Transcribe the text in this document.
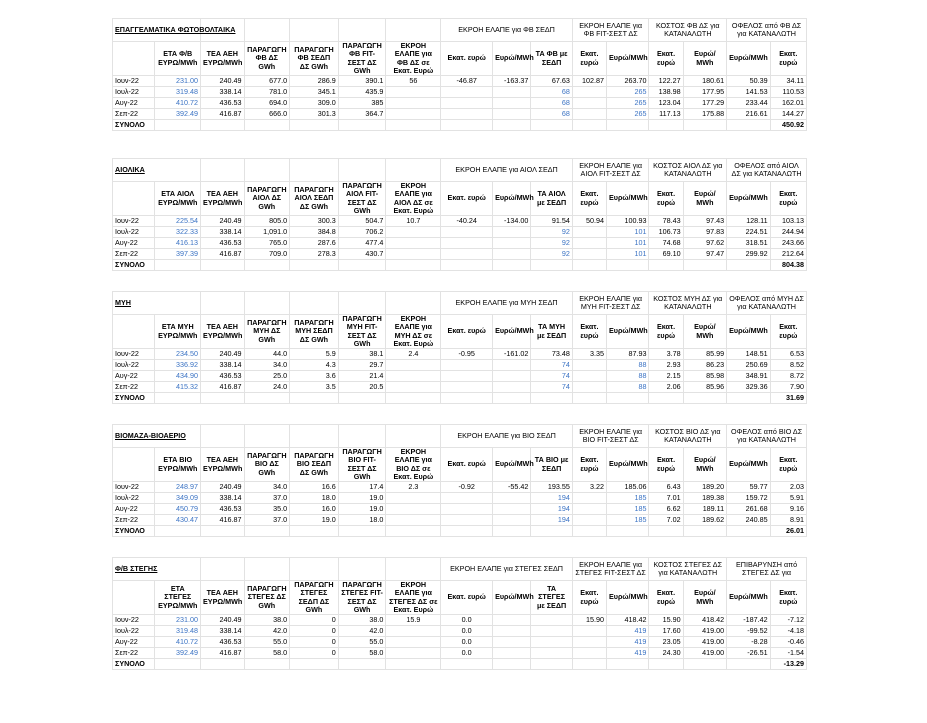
ΕΠΑΓΓΕΛΜΑΤΙΚΑ ΦΩΤΟΒΟΛΤΑΙΚΑ							ΕΚΡΟΗ ΕΛΑΠΕ για ΦΒ ΣΕΔΠ			ΕΚΡΟΗ ΕΛΑΠΕ για ΦΒ FIT-ΣΕΣΤ ΔΣ		ΚΟΣΤΟΣ ΦΒ ΔΣ για ΚΑΤΑΝΑΛΩΤΗ		ΟΦΕΛΟΣ από ΦΒ ΔΣ για ΚΑΤΑΝΑΛΩΤΗ	
	ΕΤΑ Φ/Β ΕΥΡΩ/MWh	ΤΕΑ ΑΕΗ ΕΥΡΩ/MWh	ΠΑΡΑΓΩΓΗ ΦΒ ΔΣ GWh	ΠΑΡΑΓΩΓΗ ΦΒ ΣΕΔΠ ΔΣ GWh	ΠΑΡΑΓΩΓΗ ΦΒ FIT-ΣΕΣΤ ΔΣ GWh	ΕΚΡΟΗ ΕΛΑΠΕ για ΦΒ ΔΣ σε Εκατ. Ευρώ	Εκατ. ευρώ	Ευρώ/MWh	ΤΑ ΦΒ με ΣΕΔΠ	Εκατ. ευρώ	Ευρώ/MWh	Εκατ. ευρώ	Ευρώ/ MWh	Ευρώ/MWh	Εκατ. ευρώ
Ιουν-22	231.00	240.49	677.0	286.9	390.1	56	-46.87	-163.37	67.63	102.87	263.70	122.27	180.61	50.39	34.11
Ιουλ-22	319.48	338.14	781.0	345.1	435.9				68		265	138.98	177.95	141.53	110.53
Αυγ-22	410.72	436.53	694.0	309.0	385				68		265	123.04	177.29	233.44	162.01
Σεπ-22	392.49	416.87	666.0	301.3	364.7				68		265	117.13	175.88	216.61	144.27
ΣΥΝΟΛΟ															450.92
ΑΙΟΛΙΚΑ							ΕΚΡΟΗ ΕΛΑΠΕ για ΑΙΟΛ ΣΕΔΠ			ΕΚΡΟΗ ΕΛΑΠΕ για ΑΙΟΛ FIT-ΣΕΣΤ ΔΣ		ΚΟΣΤΟΣ ΑΙΟΛ ΔΣ για ΚΑΤΑΝΑΛΩΤΗ		ΟΦΕΛΟΣ από ΑΙΟΛ ΔΣ για ΚΑΤΑΝΑΛΩΤΗ	
	ΕΤΑ ΑΙΟΛ ΕΥΡΩ/MWh	ΤΕΑ ΑΕΗ ΕΥΡΩ/MWh	ΠΑΡΑΓΩΓΗ ΑΙΟΛ ΔΣ GWh	ΠΑΡΑΓΩΓΗ ΑΙΟΛ ΣΕΔΠ ΔΣ GWh	ΠΑΡΑΓΩΓΗ ΑΙΟΛ FIT-ΣΕΣΤ ΔΣ GWh	ΕΚΡΟΗ ΕΛΑΠΕ για ΑΙΟΛ ΔΣ σε Εκατ. Ευρώ	Εκατ. ευρώ	Ευρώ/MWh	ΤΑ ΑΙΟΛ με ΣΕΔΠ	Εκατ. ευρώ	Ευρώ/MWh	Εκατ. ευρώ	Ευρώ/ MWh	Ευρώ/MWh	Εκατ. ευρώ
Ιουν-22	225.54	240.49	805.0	300.3	504.7	10.7	-40.24	-134.00	91.54	50.94	100.93	78.43	97.43	128.11	103.13
Ιουλ-22	322.33	338.14	1,091.0	384.8	706.2				92		101	106.73	97.83	224.51	244.94
Αυγ-22	416.13	436.53	765.0	287.6	477.4				92		101	74.68	97.62	318.51	243.66
Σεπ-22	397.39	416.87	709.0	278.3	430.7				92		101	69.10	97.47	299.92	212.64
ΣΥΝΟΛΟ															804.38
ΜΥΗ							ΕΚΡΟΗ ΕΛΑΠΕ για ΜΥΗ ΣΕΔΠ			ΕΚΡΟΗ ΕΛΑΠΕ για ΜΥΗ FIT-ΣΕΣΤ ΔΣ		ΚΟΣΤΟΣ ΜΥΗ ΔΣ για ΚΑΤΑΝΑΛΩΤΗ		ΟΦΕΛΟΣ από ΜΥΗ ΔΣ για ΚΑΤΑΝΑΛΩΤΗ	
	ΕΤΑ ΜΥΗ ΕΥΡΩ/MWh	ΤΕΑ ΑΕΗ ΕΥΡΩ/MWh	ΠΑΡΑΓΩΓΗ ΜΥΗ ΔΣ GWh	ΠΑΡΑΓΩΓΗ ΜΥΗ ΣΕΔΠ ΔΣ GWh	ΠΑΡΑΓΩΓΗ ΜΥΗ FIT-ΣΕΣΤ ΔΣ GWh	ΕΚΡΟΗ ΕΛΑΠΕ για ΜΥΗ ΔΣ σε Εκατ. Ευρώ	Εκατ. ευρώ	Ευρώ/MWh	ΤΑ ΜΥΗ με ΣΕΔΠ	Εκατ. ευρώ	Ευρώ/MWh	Εκατ. ευρώ	Ευρώ/ MWh	Ευρώ/MWh	Εκατ. ευρώ
Ιουν-22	234.50	240.49	44.0	5.9	38.1	2.4	-0.95	-161.02	73.48	3.35	87.93	3.78	85.99	148.51	6.53
Ιουλ-22	336.92	338.14	34.0	4.3	29.7				74		88	2.93	86.23	250.69	8.52
Αυγ-22	434.90	436.53	25.0	3.6	21.4				74		88	2.15	85.98	348.91	8.72
Σεπ-22	415.32	416.87	24.0	3.5	20.5				74		88	2.06	85.96	329.36	7.90
ΣΥΝΟΛΟ															31.69
ΒΙΟΜΑΖΑ-ΒΙΟΑΕΡΙΟ							ΕΚΡΟΗ ΕΛΑΠΕ για ΒΙΟ ΣΕΔΠ			ΕΚΡΟΗ ΕΛΑΠΕ για ΒΙΟ FIT-ΣΕΣΤ ΔΣ		ΚΟΣΤΟΣ ΒΙΟ ΔΣ για ΚΑΤΑΝΑΛΩΤΗ		ΟΦΕΛΟΣ από ΒΙΟ ΔΣ για ΚΑΤΑΝΑΛΩΤΗ	
	ΕΤΑ ΒΙΟ ΕΥΡΩ/MWh	ΤΕΑ ΑΕΗ ΕΥΡΩ/MWh	ΠΑΡΑΓΩΓΗ ΒΙΟ ΔΣ GWh	ΠΑΡΑΓΩΓΗ ΒΙΟ ΣΕΔΠ ΔΣ GWh	ΠΑΡΑΓΩΓΗ ΒΙΟ FIT-ΣΕΣΤ ΔΣ GWh	ΕΚΡΟΗ ΕΛΑΠΕ για ΒΙΟ ΔΣ σε Εκατ. Ευρώ	Εκατ. ευρώ	Ευρώ/MWh	ΤΑ ΒΙΟ με ΣΕΔΠ	Εκατ. ευρώ	Ευρώ/MWh	Εκατ. ευρώ	Ευρώ/ MWh	Ευρώ/MWh	Εκατ. ευρώ
Ιουν-22	248.97	240.49	34.0	16.6	17.4	2.3	-0.92	-55.42	193.55	3.22	185.06	6.43	189.20	59.77	2.03
Ιουλ-22	349.09	338.14	37.0	18.0	19.0				194		185	7.01	189.38	159.72	5.91
Αυγ-22	450.79	436.53	35.0	16.0	19.0				194		185	6.62	189.11	261.68	9.16
Σεπ-22	430.47	416.87	37.0	19.0	18.0				194		185	7.02	189.62	240.85	8.91
ΣΥΝΟΛΟ															26.01
Φ/Β ΣΤΕΓΗΣ							ΕΚΡΟΗ ΕΛΑΠΕ για ΣΤΕΓΕΣ ΣΕΔΠ			ΕΚΡΟΗ ΕΛΑΠΕ για ΣΤΕΓΕΣ FIT-ΣΕΣΤ ΔΣ		ΚΟΣΤΟΣ ΣΤΕΓΕΣ ΔΣ για ΚΑΤΑΝΑΛΩΤΗ		ΕΠΙΒΑΡΥΝΣΗ από ΣΤΕΓΕΣ ΔΣ για	
	ΕΤΑ ΣΤΕΓΕΣ ΕΥΡΩ/MWh	ΤΕΑ ΑΕΗ ΕΥΡΩ/MWh	ΠΑΡΑΓΩΓΗ ΣΤΕΓΕΣ ΔΣ GWh	ΠΑΡΑΓΩΓΗ ΣΤΕΓΕΣ ΣΕΔΠ ΔΣ GWh	ΠΑΡΑΓΩΓΗ ΣΤΕΓΕΣ FIT-ΣΕΣΤ ΔΣ GWh	ΕΚΡΟΗ ΕΛΑΠΕ για ΣΤΕΓΕΣ ΔΣ σε Εκατ. Ευρώ	Εκατ. ευρώ	Ευρώ/MWh	ΤΑ ΣΤΕΓΕΣ με ΣΕΔΠ	Εκατ. ευρώ	Ευρώ/MWh	Εκατ. ευρώ	Ευρώ/ MWh	Ευρώ/MWh	Εκατ. ευρώ
Ιουν-22	231.00	240.49	38.0	0	38.0	15.9	0.0			15.90	418.42	15.90	418.42	-187.42	-7.12
Ιουλ-22	319.48	338.14	42.0	0	42.0		0.0				419	17.60	419.00	-99.52	-4.18
Αυγ-22	410.72	436.53	55.0	0	55.0		0.0				419	23.05	419.00	-8.28	-0.46
Σεπ-22	392.49	416.87	58.0	0	58.0		0.0				419	24.30	419.00	-26.51	-1.54
ΣΥΝΟΛΟ															-13.29
